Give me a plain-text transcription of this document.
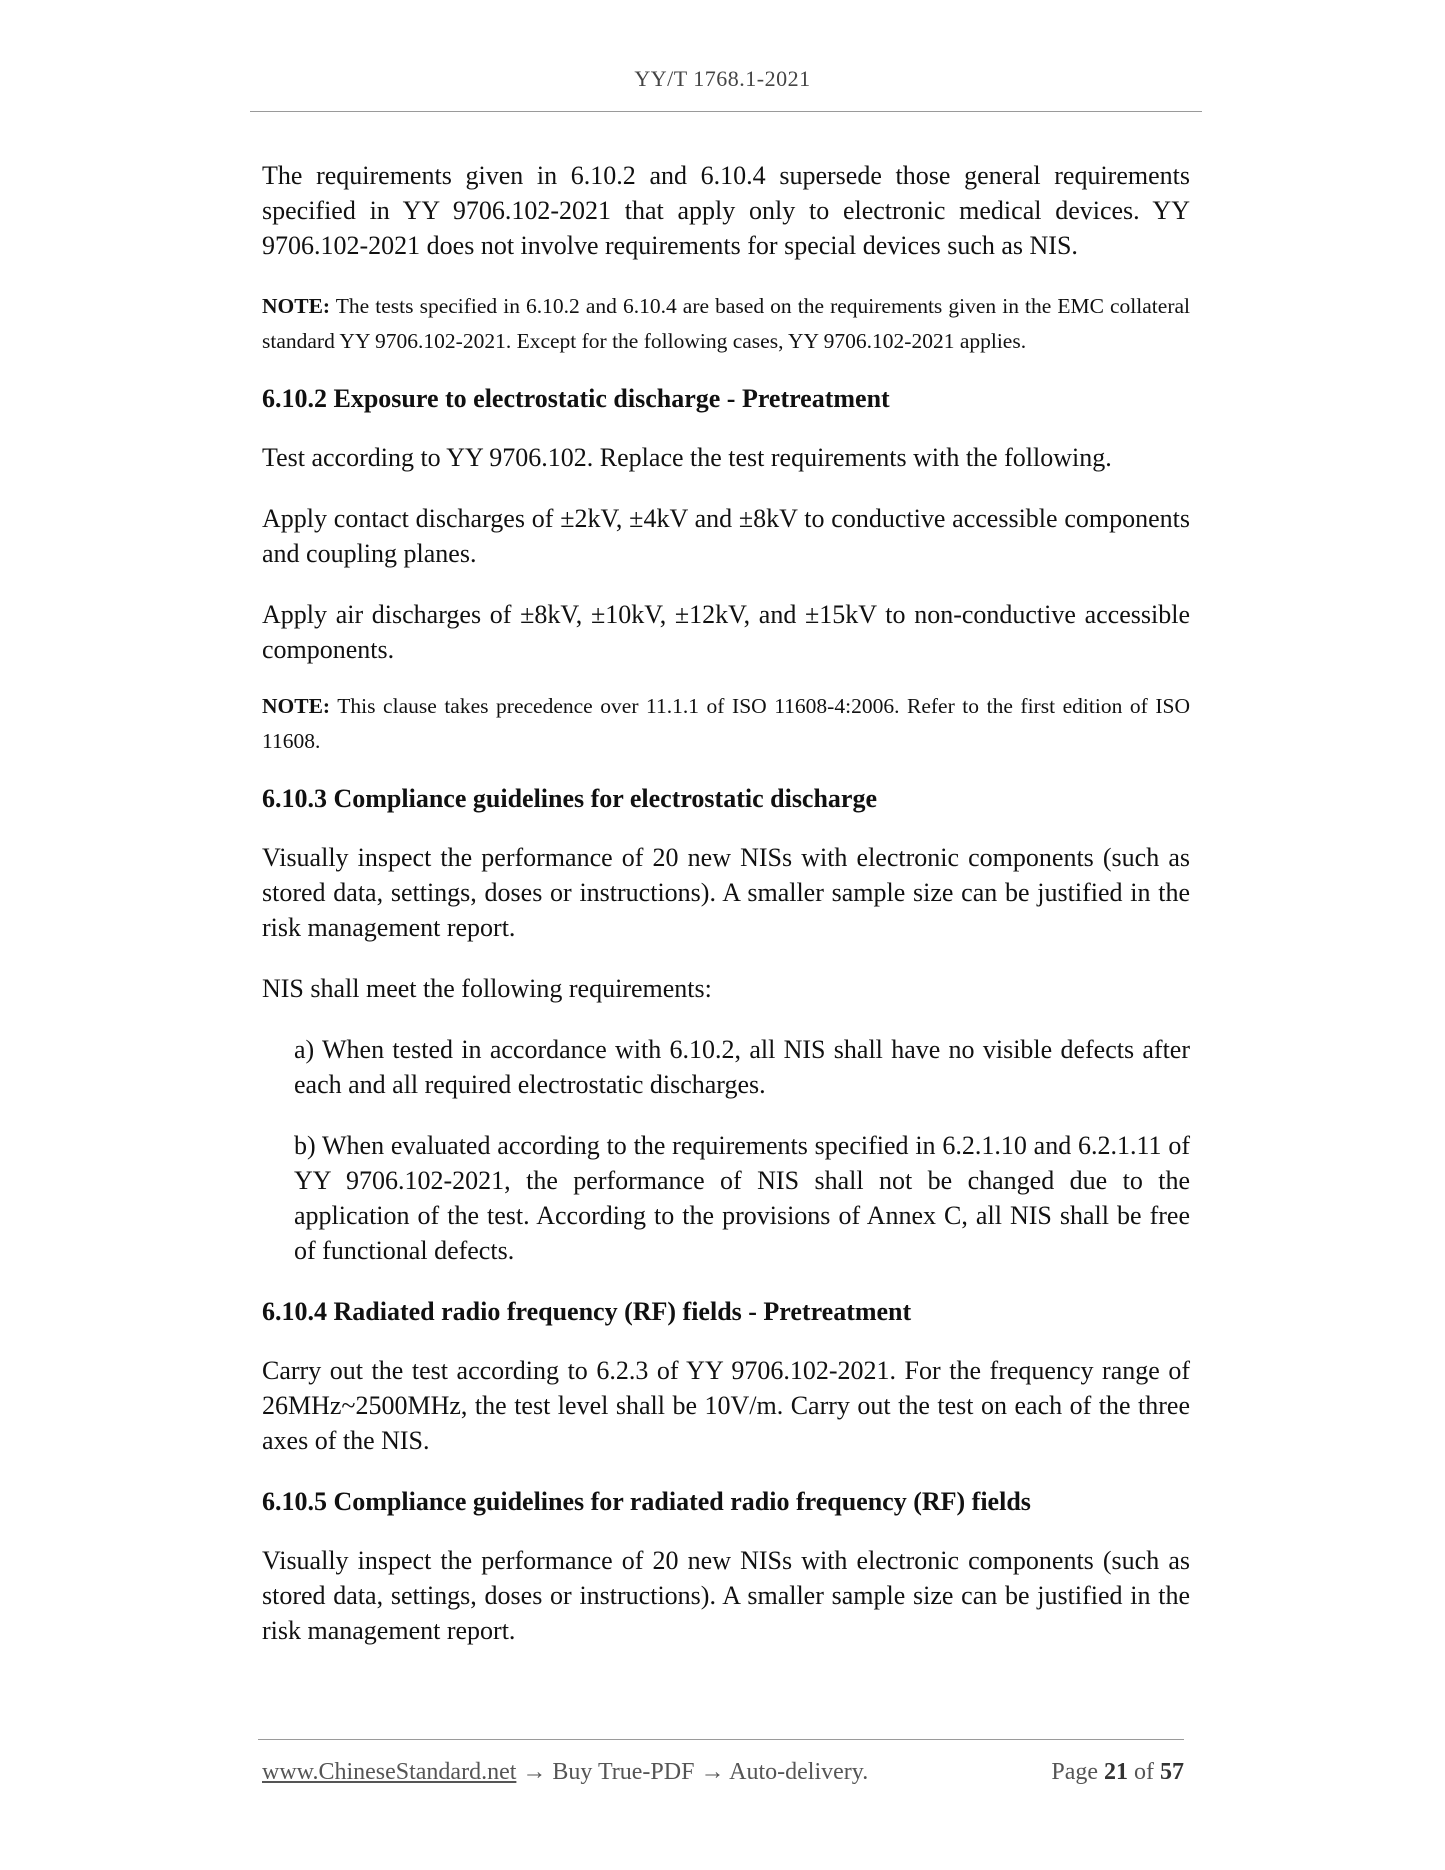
YY/T 1768.1-2021

The requirements given in 6.10.2 and 6.10.4 supersede those general requirements specified in YY 9706.102-2021 that apply only to electronic medical devices. YY 9706.102-2021 does not involve requirements for special devices such as NIS.

NOTE: The tests specified in 6.10.2 and 6.10.4 are based on the requirements given in the EMC collateral standard YY 9706.102-2021. Except for the following cases, YY 9706.102-2021 applies.

6.10.2 Exposure to electrostatic discharge - Pretreatment

Test according to YY 9706.102. Replace the test requirements with the following.

Apply contact discharges of ±2kV, ±4kV and ±8kV to conductive accessible components and coupling planes.

Apply air discharges of ±8kV, ±10kV, ±12kV, and ±15kV to non-conductive accessible components.

NOTE: This clause takes precedence over 11.1.1 of ISO 11608-4:2006. Refer to the first edition of ISO 11608.

6.10.3 Compliance guidelines for electrostatic discharge

Visually inspect the performance of 20 new NISs with electronic components (such as stored data, settings, doses or instructions). A smaller sample size can be justified in the risk management report.

NIS shall meet the following requirements:

a) When tested in accordance with 6.10.2, all NIS shall have no visible defects after each and all required electrostatic discharges.

b) When evaluated according to the requirements specified in 6.2.1.10 and 6.2.1.11 of YY 9706.102-2021, the performance of NIS shall not be changed due to the application of the test. According to the provisions of Annex C, all NIS shall be free of functional defects.

6.10.4 Radiated radio frequency (RF) fields - Pretreatment

Carry out the test according to 6.2.3 of YY 9706.102-2021. For the frequency range of 26MHz~2500MHz, the test level shall be 10V/m. Carry out the test on each of the three axes of the NIS.

6.10.5 Compliance guidelines for radiated radio frequency (RF) fields

Visually inspect the performance of 20 new NISs with electronic components (such as stored data, settings, doses or instructions). A smaller sample size can be justified in the risk management report.

www.ChineseStandard.net → Buy True-PDF → Auto-delivery.	Page 21 of 57
